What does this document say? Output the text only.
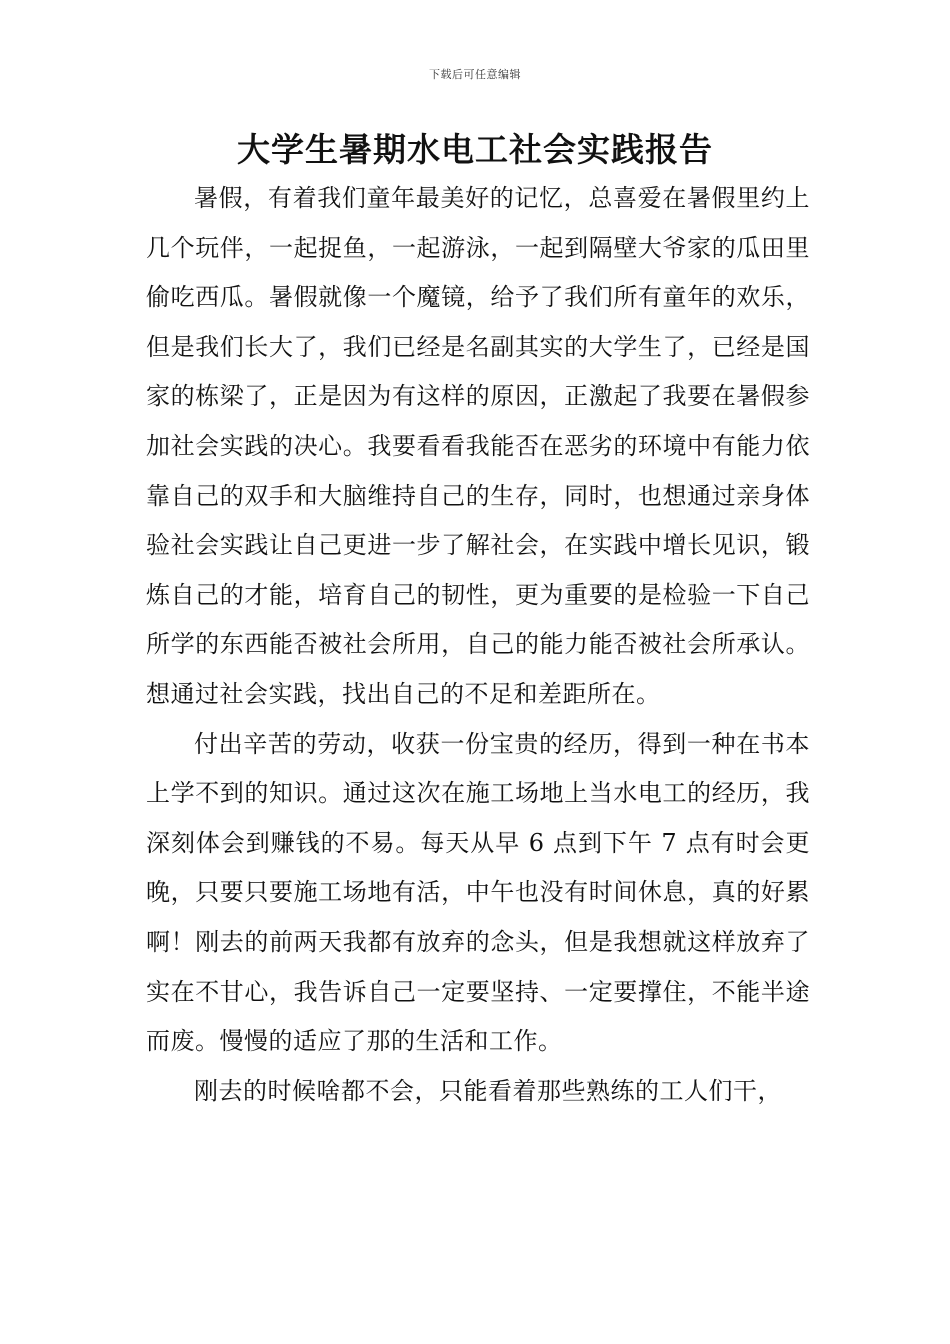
下载后可任意编辑
大学生暑期水电工社会实践报告

暑假，有着我们童年最美好的记忆，总喜爱在暑假里约上几个玩伴，一起捉鱼，一起游泳，一起到隔壁大爷家的瓜田里偷吃西瓜。暑假就像一个魔镜，给予了我们所有童年的欢乐，但是我们长大了，我们已经是名副其实的大学生了，已经是国家的栋梁了，正是因为有这样的原因，正激起了我要在暑假参加社会实践的决心。我要看看我能否在恶劣的环境中有能力依靠自己的双手和大脑维持自己的生存，同时，也想通过亲身体验社会实践让自己更进一步了解社会，在实践中增长见识，锻炼自己的才能，培育自己的韧性，更为重要的是检验一下自己所学的东西能否被社会所用，自己的能力能否被社会所承认。想通过社会实践，找出自己的不足和差距所在。

付出辛苦的劳动，收获一份宝贵的经历，得到一种在书本上学不到的知识。通过这次在施工场地上当水电工的经历，我深刻体会到赚钱的不易。每天从早 6 点到下午 7 点有时会更晚，只要只要施工场地有活，中午也没有时间休息，真的好累啊！刚去的前两天我都有放弃的念头，但是我想就这样放弃了实在不甘心，我告诉自己一定要坚持、一定要撑住，不能半途而废。慢慢的适应了那的生活和工作。

刚去的时候啥都不会，只能看着那些熟练的工人们干，
